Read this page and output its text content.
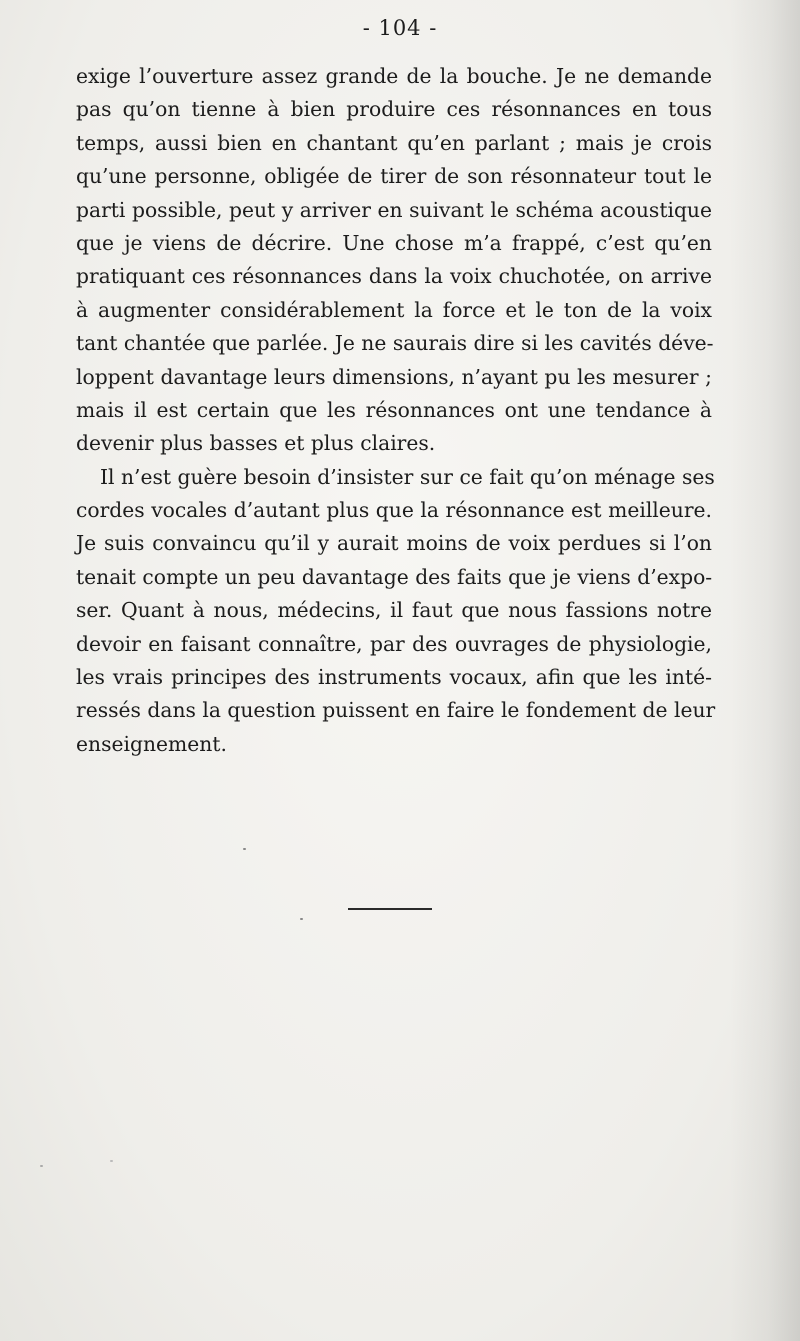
- 104 -
exige l’ouverture assez grande de la bouche. Je ne demande
pas qu’on tienne à bien produire ces résonnances en tous
temps, aussi bien en chantant qu’en parlant ; mais je crois
qu’une personne, obligée de tirer de son résonnateur tout le
parti possible, peut y arriver en suivant le schéma acoustique
que je viens de décrire. Une chose m’a frappé, c’est qu’en
pratiquant ces résonnances dans la voix chuchotée, on arrive
à augmenter considérablement la force et le ton de la voix
tant chantée que parlée. Je ne saurais dire si les cavités déve-
loppent davantage leurs dimensions, n’ayant pu les mesurer ;
mais il est certain que les résonnances ont une tendance à
devenir plus basses et plus claires.
Il n’est guère besoin d’insister sur ce fait qu’on ménage ses
cordes vocales d’autant plus que la résonnance est meilleure.
Je suis convaincu qu’il y aurait moins de voix perdues si l’on
tenait compte un peu davantage des faits que je viens d’expo-
ser. Quant à nous, médecins, il faut que nous fassions notre
devoir en faisant connaître, par des ouvrages de physiologie,
les vrais principes des instruments vocaux, afin que les inté-
ressés dans la question puissent en faire le fondement de leur
enseignement.
